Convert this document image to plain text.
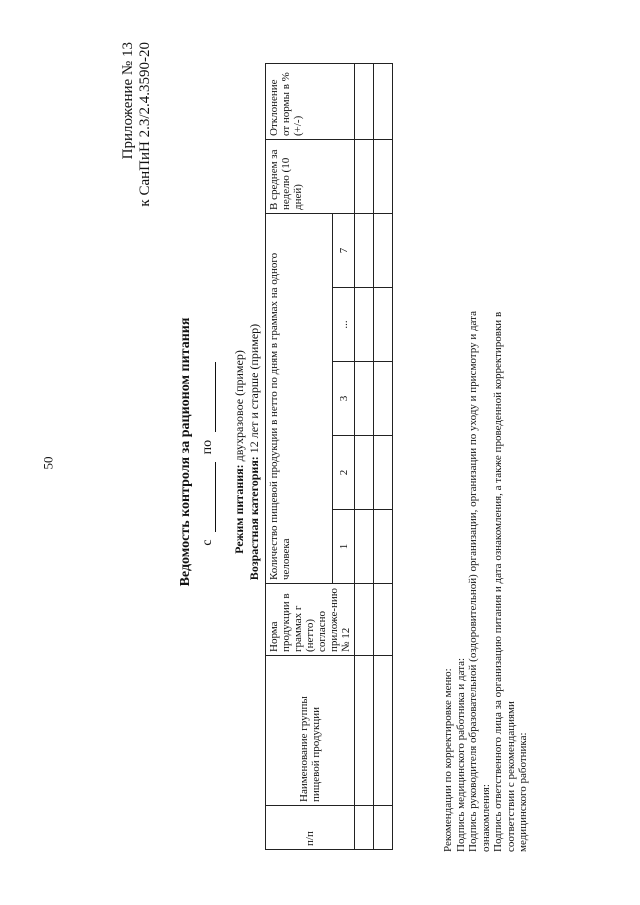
50
Приложение № 13 к СанПиН 2.3/2.4.3590-20
Ведомость контроля за рационом питания с  по
Режим питания: двухразовое (пример)
Возрастная категория: 12 лет и старше (пример)
п/п	Наименование группы пищевой продукции	Норма продукции в граммах г (нетто) согласно приложе-нию № 12	Количество пищевой продукции в нетто по дням в граммах на одного человека					В среднем за неделю (10 дней)	Отклонение от нормы в % (+/-)
			1	2	3	...	7		

Рекомендации по корректировке меню: Подпись медицинского работника и дата: Подпись руководителя образовательной (оздоровительной) организации, организации по уходу и присмотру и дата ознакомления: Подпись ответственного лица за организацию питания и дата ознакомления, а также проведенной корректировки в соответствии с рекомендациями медицинского работника:
